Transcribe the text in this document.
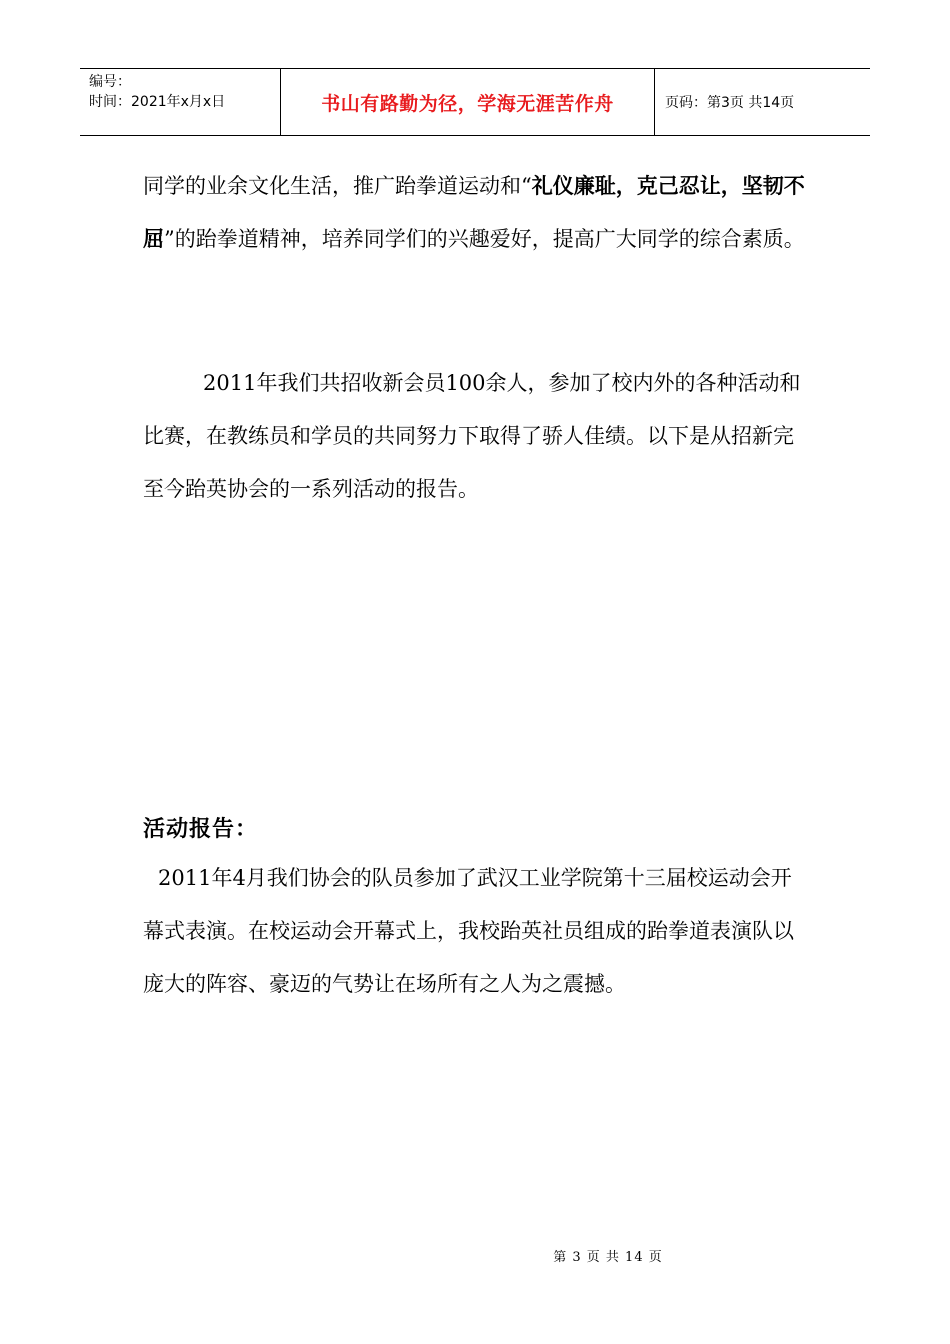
编号：
时间：2021年x月x日	书山有路勤为径，学海无涯苦作舟	页码：第3页 共14页

同学的业余文化生活，推广跆拳道运动和“礼仪廉耻，克己忍让，坚韧不屈”的跆拳道精神，培养同学们的兴趣爱好，提高广大同学的综合素质。

2011年我们共招收新会员100余人，参加了校内外的各种活动和比赛，在教练员和学员的共同努力下取得了骄人佳绩。以下是从招新完至今跆英协会的一系列活动的报告。

活动报告：

2011年4月我们协会的队员参加了武汉工业学院第十三届校运动会开幕式表演。在校运动会开幕式上，我校跆英社员组成的跆拳道表演队以庞大的阵容、豪迈的气势让在场所有之人为之震撼。

第 3 页 共 14 页
